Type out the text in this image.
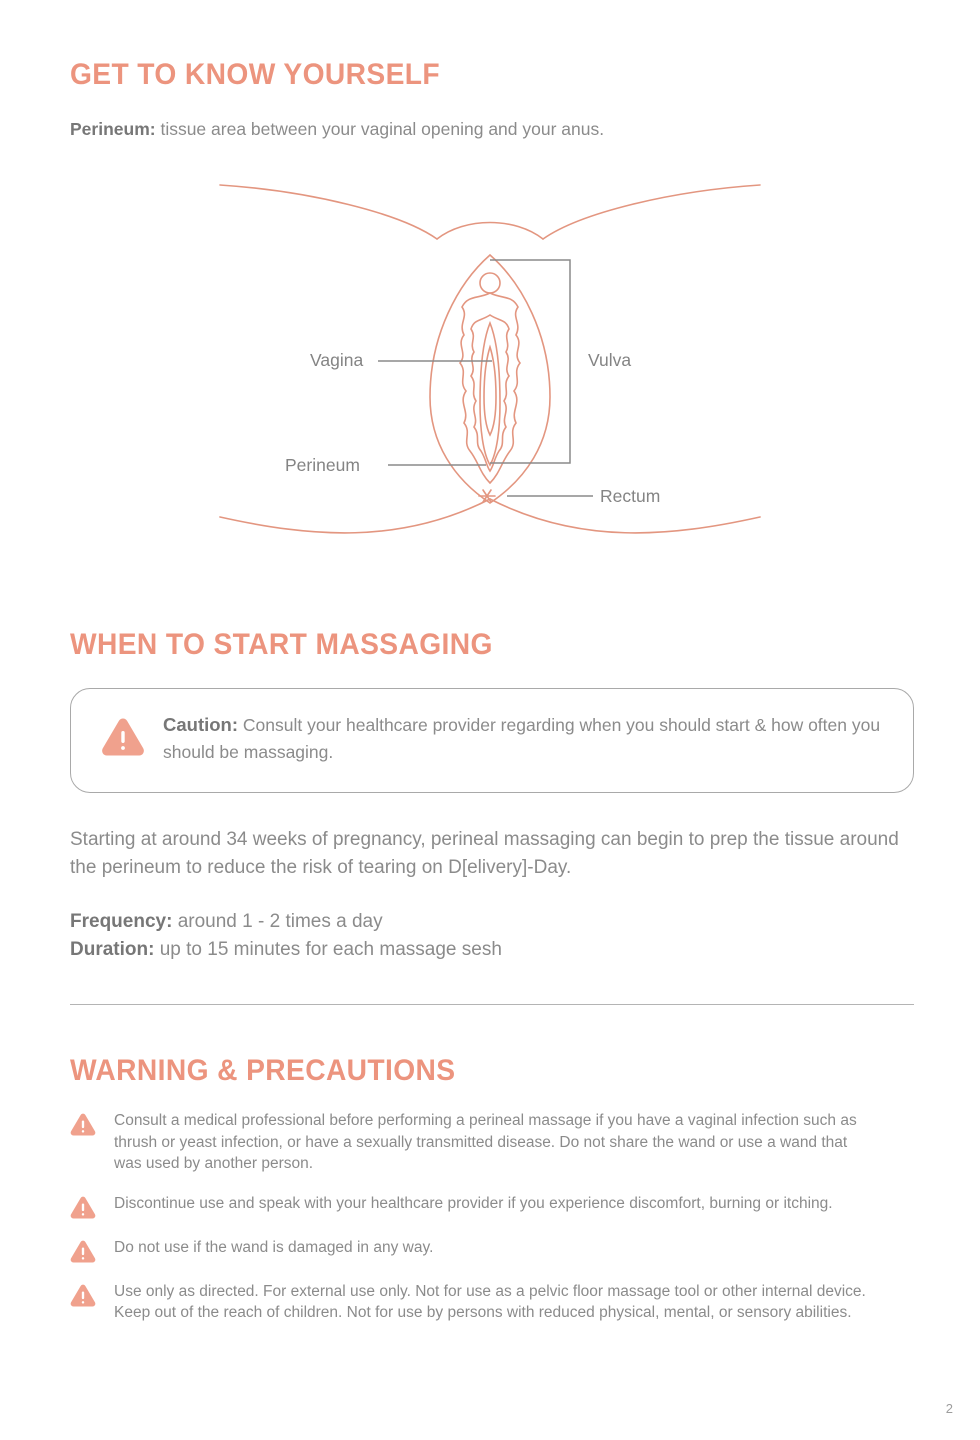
GET TO KNOW YOURSELF
Perineum: tissue area between your vaginal opening and your anus.
Vagina	Vulva
Perineum
Rectum
WHEN TO START MASSAGING
Caution: Consult your healthcare provider regarding when you should start & how often you should be massaging.
Starting at around 34 weeks of pregnancy, perineal massaging can begin to prep the tissue around the perineum to reduce the risk of tearing on D[elivery]-Day.
Frequency: around 1 - 2 times a day
Duration: up to 15 minutes for each massage sesh
WARNING & PRECAUTIONS
Consult a medical professional before performing a perineal massage if you have a vaginal infection such as thrush or yeast infection, or have a sexually transmitted disease. Do not share the wand or use a wand that was used by another person.
Discontinue use and speak with your healthcare provider if you experience discomfort, burning or itching.
Do not use if the wand is damaged in any way.
Use only as directed. For external use only. Not for use as a pelvic floor massage tool or other internal device. Keep out of the reach of children. Not for use by persons with reduced physical, mental, or sensory abilities.
2
